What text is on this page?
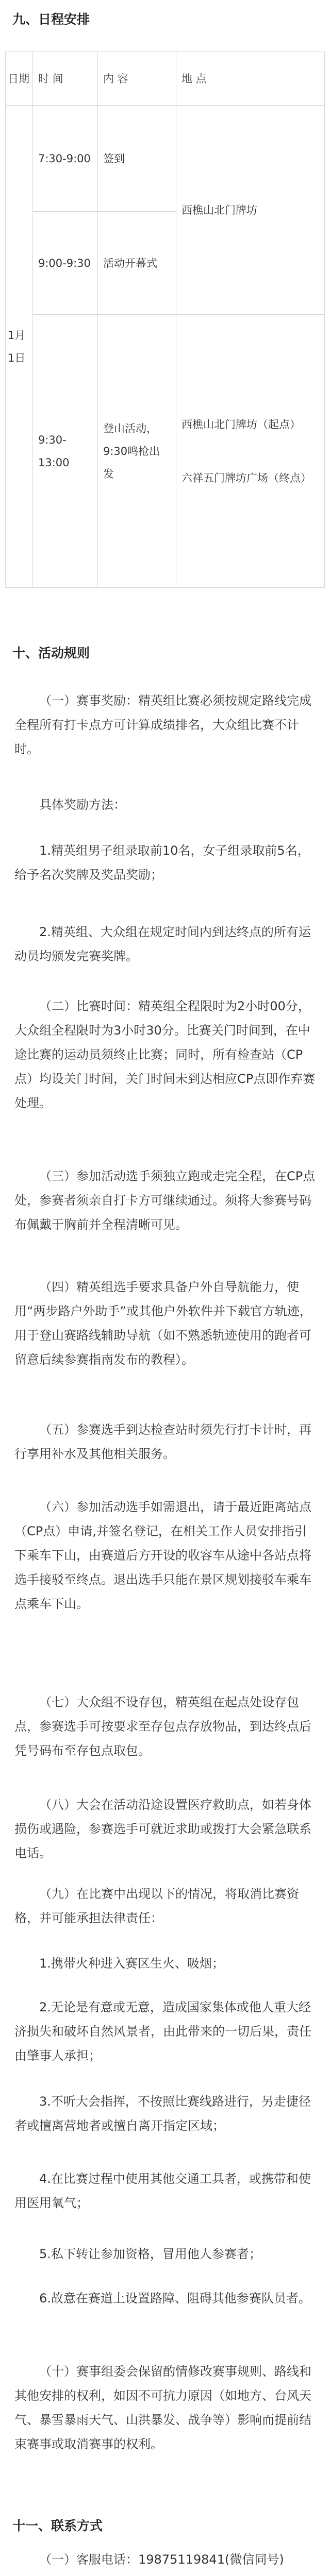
九、日程安排
日期	时 间	内 容	地 点
1月1日	7:30-9:00	签到	西樵山北门牌坊
	9:00-9:30	活动开幕式	
	9:30-13:00	登山活动，9:30鸣枪出发	西樵山北门牌坊（起点）
六祥五门牌坊广场（终点）
十、活动规则

（一）赛事奖励：精英组比赛必须按规定路线完成全程所有打卡点方可计算成绩排名，大众组比赛不计时。

具体奖励方法：

1.精英组男子组录取前10名，女子组录取前5名，给予名次奖牌及奖品奖励；

2.精英组、大众组在规定时间内到达终点的所有运动员均颁发完赛奖牌。

（二）比赛时间：精英组全程限时为2小时00分，大众组全程限时为3小时30分。比赛关门时间到，在中途比赛的运动员须终止比赛；同时，所有检查站（CP点）均设关门时间，关门时间未到达相应CP点即作弃赛处理。

（三）参加活动选手须独立跑或走完全程，在CP点处，参赛者须亲自打卡方可继续通过。须将大参赛号码布佩戴于胸前并全程清晰可见。

（四）精英组选手要求具备户外自导航能力，使用“两步路户外助手”或其他户外软件并下载官方轨迹，用于登山赛路线辅助导航（如不熟悉轨迹使用的跑者可留意后续参赛指南发布的教程）。

（五）参赛选手到达检查站时须先行打卡计时，再行享用补水及其他相关服务。

（六）参加活动选手如需退出，请于最近距离站点（CP点）申请,并签名登记，在相关工作人员安排指引下乘车下山，由赛道后方开设的收容车从途中各站点将选手接驳至终点。退出选手只能在景区规划接驳车乘车点乘车下山。

（七）大众组不设存包，精英组在起点处设存包点，参赛选手可按要求至存包点存放物品，到达终点后凭号码布至存包点取包。

（八）大会在活动沿途设置医疗救助点，如若身体损伤或遇险，参赛选手可就近求助或拨打大会紧急联系电话。

（九）在比赛中出现以下的情况，将取消比赛资格，并可能承担法律责任：

1.携带火种进入赛区生火、吸烟；

2.无论是有意或无意，造成国家集体或他人重大经济损失和破坏自然风景者，由此带来的一切后果，责任由肇事人承担；

3.不听大会指挥，不按照比赛线路进行，另走捷径者或擅离营地者或擅自离开指定区域；

4.在比赛过程中使用其他交通工具者，或携带和使用医用氧气；

5.私下转让参加资格，冒用他人参赛者；

6.故意在赛道上设置路障、阻碍其他参赛队员者。

（十）赛事组委会保留酌情修改赛事规则、路线和其他安排的权利，如因不可抗力原因（如地方、台风天气、暴雪暴雨天气、山洪暴发、战争等）影响而提前结束赛事或取消赛事的权利。

十一、联系方式

（一）客服电话：19875119841(微信同号)
